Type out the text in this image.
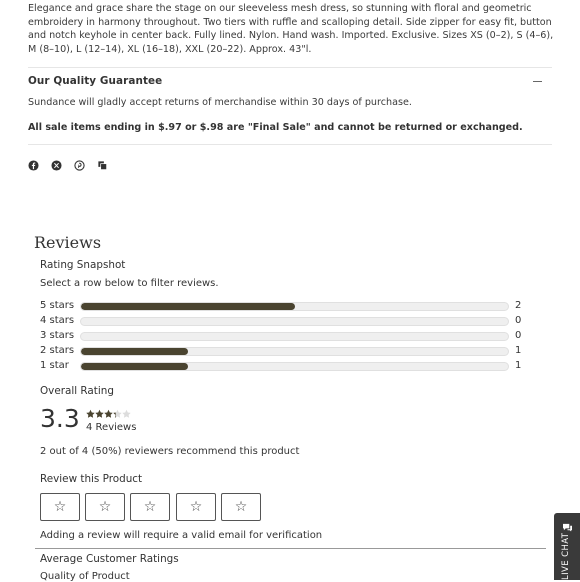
Elegance and grace share the stage on our sleeveless mesh dress, so stunning with floral and geometric embroidery in harmony throughout. Two tiers with ruffle and scalloping detail. Side zipper for easy fit, button and notch keyhole in center back. Fully lined. Nylon. Hand wash. Imported. Exclusive. Sizes XS (0–2), S (4–6), M (8–10), L (12–14), XL (16–18), XXL (20–22). Approx. 43"l.

Our Quality Guarantee
Sundance will gladly accept returns of merchandise within 30 days of purchase.
All sale items ending in $.97 or $.98 are "Final Sale" and cannot be returned or exchanged.
Reviews
Rating Snapshot
Select a row below to filter reviews.
5 stars	2
4 stars	0
3 stars	0
2 stars	1
1 star	1
Overall Rating
3.3 4 Reviews
2 out of 4 (50%) reviewers recommend this product
Review this Product
☆ ☆ ☆ ☆ ☆
Adding a review will require a valid email for verification
Average Customer Ratings
Quality of Product	LIVE CHAT
